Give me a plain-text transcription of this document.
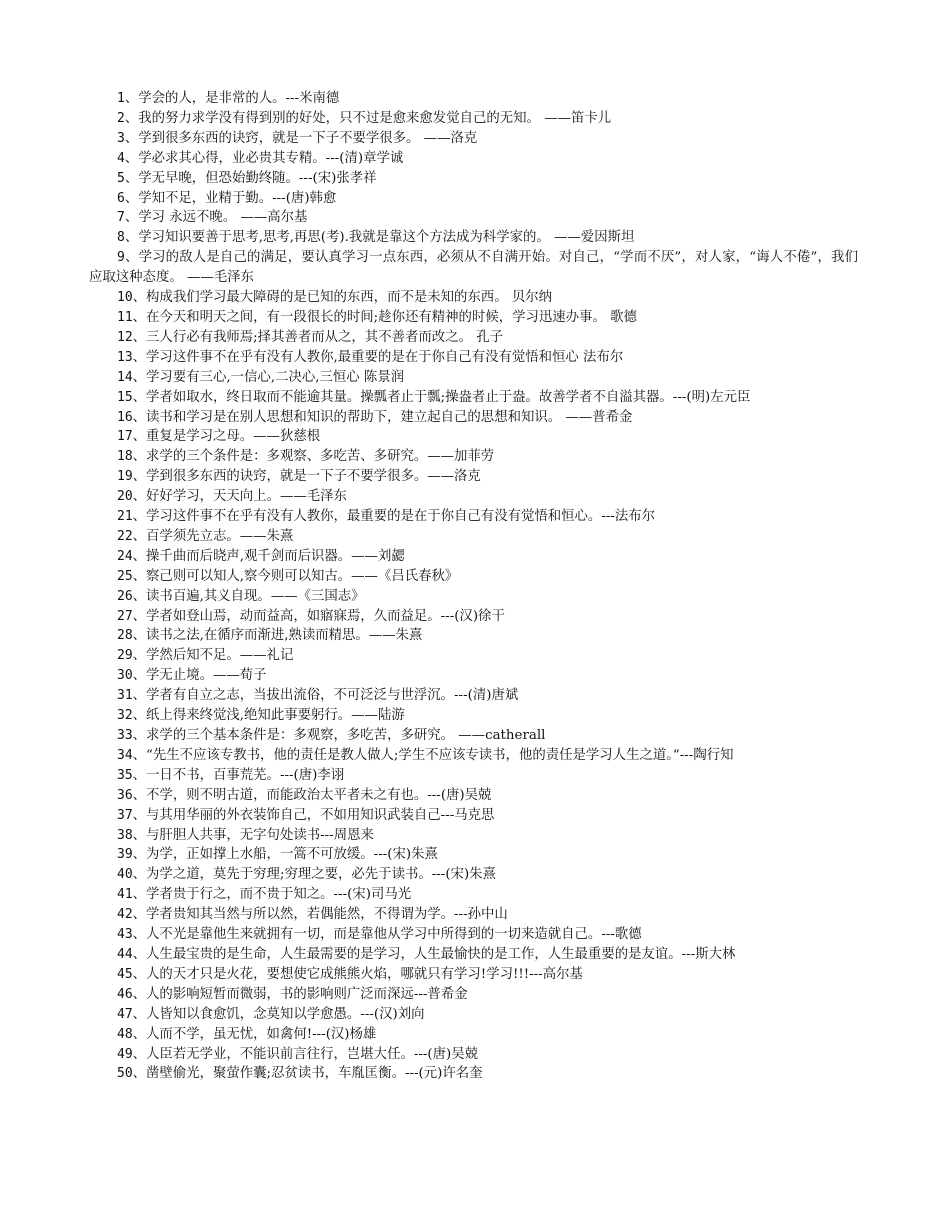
1、学会的人，是非常的人。---米南德

2、我的努力求学没有得到别的好处，只不过是愈来愈发觉自己的无知。 ——笛卡儿

3、学到很多东西的诀窍，就是一下子不要学很多。 ——洛克

4、学必求其心得，业必贵其专精。---(清)章学诚

5、学无早晚，但恐始勤终随。---(宋)张孝祥

6、学知不足，业精于勤。---(唐)韩愈

7、学习 永远不晚。 ——高尔基

8、学习知识要善于思考,思考,再思(考).我就是靠这个方法成为科学家的。 ——爱因斯坦

9、学习的敌人是自己的满足，要认真学习一点东西，必须从不自满开始。对自己，“学而不厌”，对人家，“诲人不倦”，我们应取这种态度。 ——毛泽东

10、构成我们学习最大障碍的是已知的东西，而不是未知的东西。 贝尔纳

11、在今天和明天之间，有一段很长的时间;趁你还有精神的时候，学习迅速办事。 歌德

12、三人行必有我师焉;择其善者而从之，其不善者而改之。 孔子

13、学习这件事不在乎有没有人教你,最重要的是在于你自己有没有觉悟和恒心 法布尔

14、学习要有三心,一信心,二决心,三恒心 陈景润

15、学者如取水，终日取而不能逾其量。操瓢者止于瓢;操盎者止于盎。故善学者不自溢其器。---(明)左元臣

16、读书和学习是在别人思想和知识的帮助下，建立起自己的思想和知识。 ——普希金

17、重复是学习之母。——狄慈根

18、求学的三个条件是：多观察、多吃苦、多研究。——加菲劳

19、学到很多东西的诀窍，就是一下子不要学很多。——洛克

20、好好学习，天天向上。——毛泽东

21、学习这件事不在乎有没有人教你，最重要的是在于你自己有没有觉悟和恒心。---法布尔

22、百学须先立志。——朱熹

24、操千曲而后晓声,观千剑而后识器。——刘勰

25、察己则可以知人,察今则可以知古。——《吕氏春秋》

26、读书百遍,其义自现。——《三国志》

27、学者如登山焉，动而益高，如寤寐焉，久而益足。---(汉)徐干

28、读书之法,在循序而渐进,熟读而精思。——朱熹

29、学然后知不足。——礼记

30、学无止境。——荀子

31、学者有自立之志，当拔出流俗，不可泛泛与世浮沉。---(清)唐斌

32、纸上得来终觉浅,绝知此事要躬行。——陆游

33、求学的三个基本条件是：多观察，多吃苦，多研究。 ——catherall

34、“先生不应该专教书，他的责任是教人做人;学生不应该专读书，他的责任是学习人生之道。”---陶行知

35、一日不书，百事荒芜。---(唐)李诩

36、不学，则不明古道，而能政治太平者未之有也。---(唐)吴兢

37、与其用华丽的外衣装饰自己，不如用知识武装自己---马克思

38、与肝胆人共事，无字句处读书---周恩来

39、为学，正如撑上水船，一篙不可放缓。---(宋)朱熹

40、为学之道，莫先于穷理;穷理之要，必先于读书。---(宋)朱熹

41、学者贵于行之，而不贵于知之。---(宋)司马光

42、学者贵知其当然与所以然，若偶能然，不得谓为学。---孙中山

43、人不光是靠他生来就拥有一切，而是靠他从学习中所得到的一切来造就自己。---歌德

44、人生最宝贵的是生命，人生最需要的是学习，人生最愉快的是工作，人生最重要的是友谊。---斯大林

45、人的天才只是火花，要想使它成熊熊火焰，哪就只有学习!学习!!!---高尔基

46、人的影响短暂而微弱，书的影响则广泛而深远---普希金

47、人皆知以食愈饥，念莫知以学愈愚。---(汉)刘向

48、人而不学，虽无忧，如禽何!---(汉)杨雄

49、人臣若无学业，不能识前言往行，岂堪大任。---(唐)吴兢

50、凿壁偷光，聚萤作囊;忍贫读书，车胤匡衡。---(元)许名奎
